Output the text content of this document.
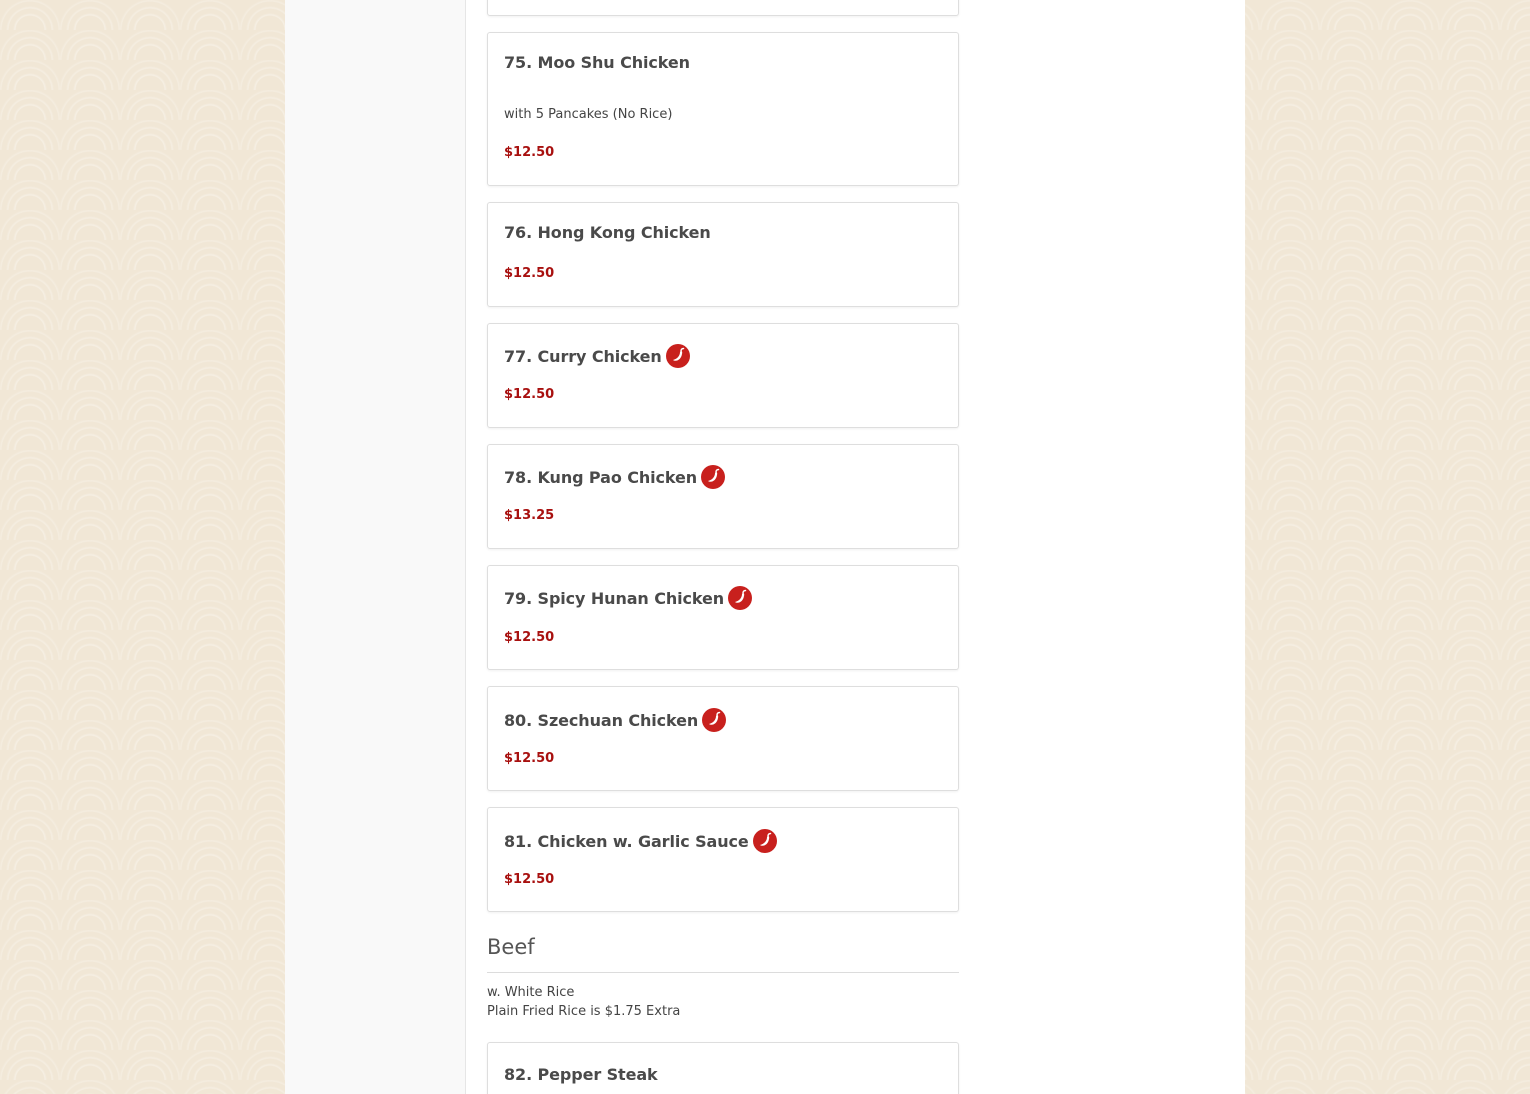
75. Moo Shu Chicken
with 5 Pancakes (No Rice)
$12.50
76. Hong Kong Chicken
$12.50
77. Curry Chicken
$12.50
78. Kung Pao Chicken
$13.25
79. Spicy Hunan Chicken
$12.50
80. Szechuan Chicken
$12.50
81. Chicken w. Garlic Sauce
$12.50
Beef
w. White Rice
Plain Fried Rice is $1.75 Extra
82. Pepper Steak
